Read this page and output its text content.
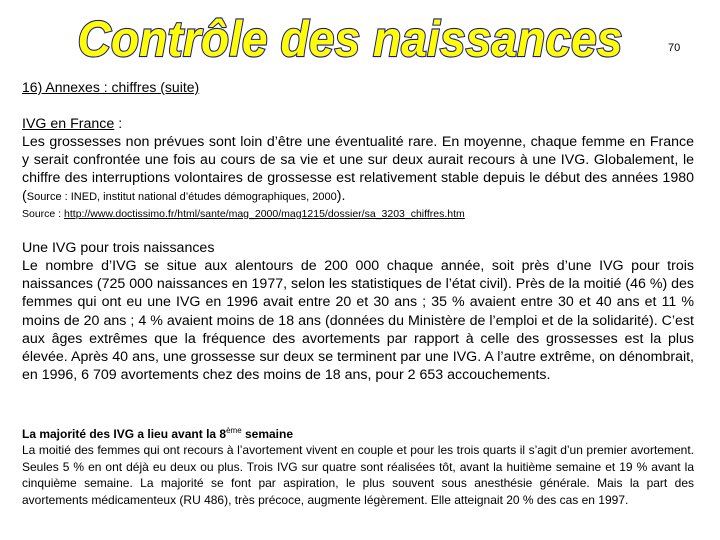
Contrôle des naissances	70
16) Annexes : chiffres (suite)
IVG en France :
Les grossesses non prévues sont loin d’être une éventualité rare. En moyenne, chaque femme en France y serait confrontée une fois au cours de sa vie et une sur deux aurait recours à une IVG. Globalement, le chiffre des interruptions volontaires de grossesse est relativement stable depuis le début des années 1980 (Source : INED, institut national d’études démographiques, 2000).
Source : http://www.doctissimo.fr/html/sante/mag_2000/mag1215/dossier/sa_3203_chiffres.htm
Une IVG pour trois naissances
Le nombre d’IVG se situe aux alentours de 200 000 chaque année, soit près d’une IVG pour trois naissances (725 000 naissances en 1977, selon les statistiques de l’état civil). Près de la moitié (46 %) des femmes qui ont eu une IVG en 1996 avait entre 20 et 30 ans ; 35 % avaient entre 30 et 40 ans et 11 % moins de 20 ans ; 4 % avaient moins de 18 ans (données du Ministère de l’emploi et de la solidarité). C’est aux âges extrêmes que la fréquence des avortements par rapport à celle des grossesses est la plus élevée. Après 40 ans, une grossesse sur deux se terminent par une IVG. A l’autre extrême, on dénombrait, en 1996, 6 709 avortements chez des moins de 18 ans, pour 2 653 accouchements.
La majorité des IVG a lieu avant la 8ème semaine
La moitié des femmes qui ont recours à l’avortement vivent en couple et pour les trois quarts il s’agit d’un premier avortement. Seules 5 % en ont déjà eu deux ou plus. Trois IVG sur quatre sont réalisées tôt, avant la huitième semaine et 19 % avant la cinquième semaine. La majorité se font par aspiration, le plus souvent sous anesthésie générale. Mais la part des avortements médicamenteux (RU 486), très précoce, augmente légèrement. Elle atteignait 20 % des cas en 1997.
